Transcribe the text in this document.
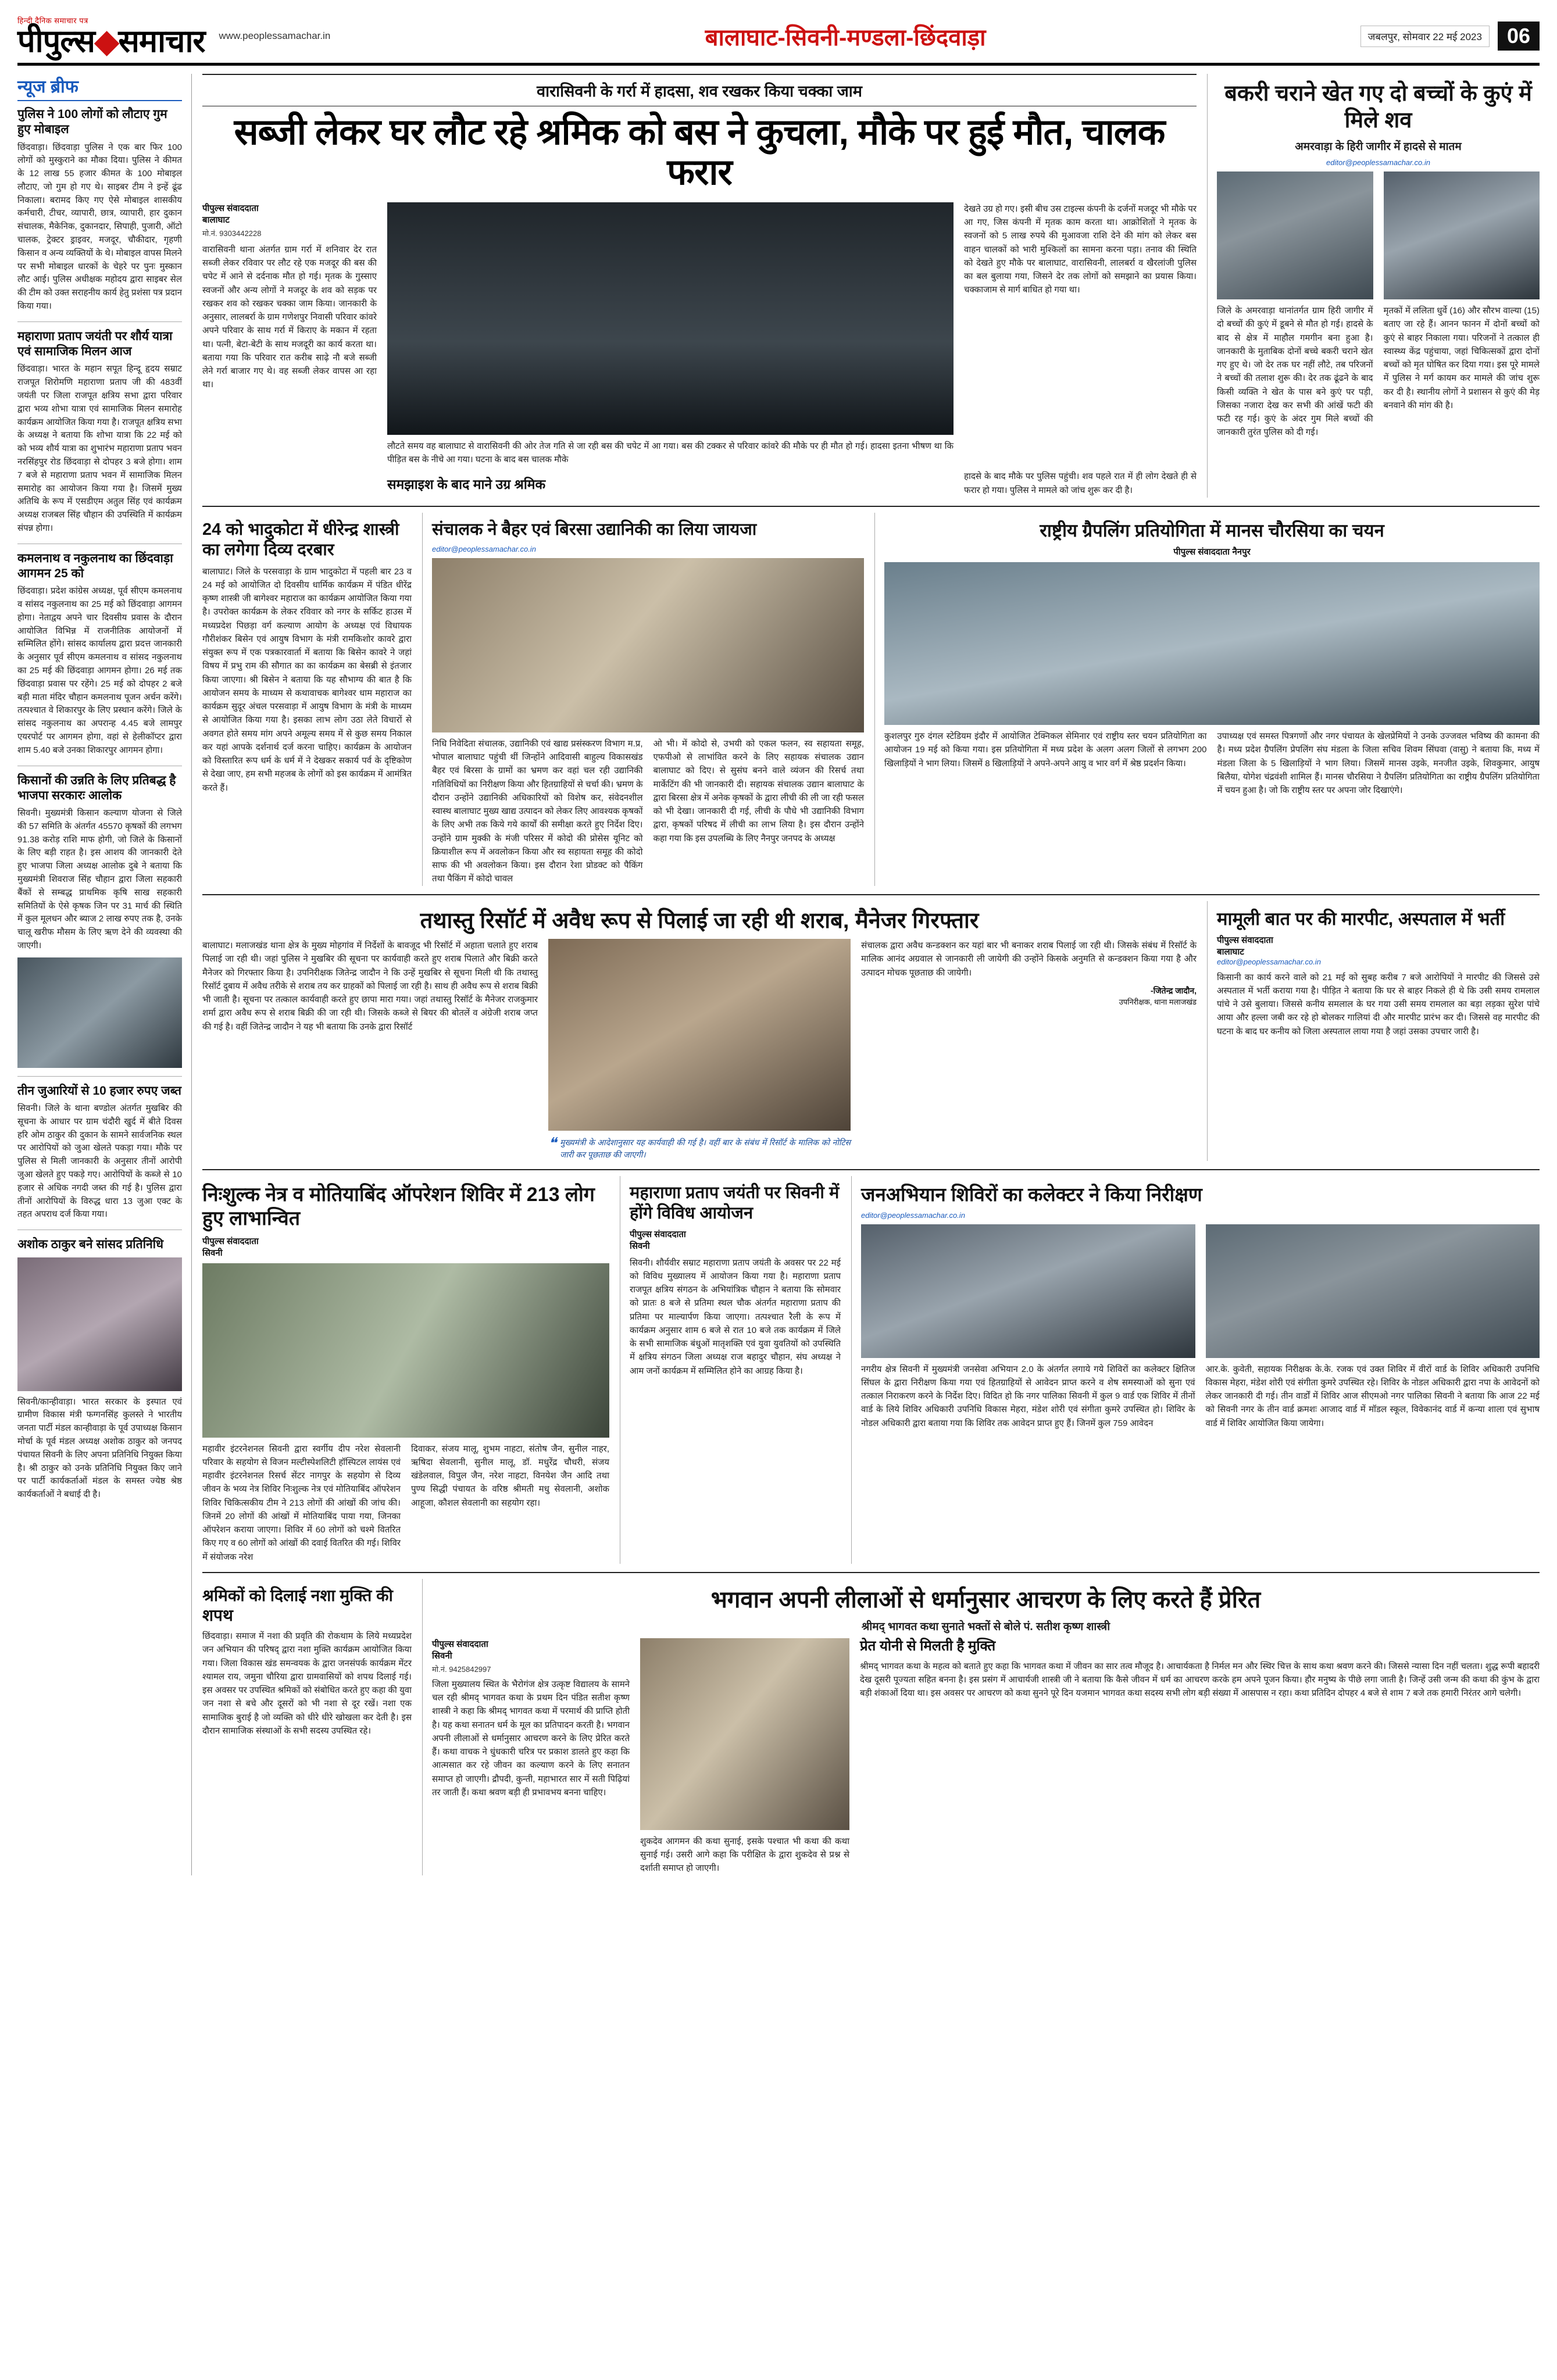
हिन्दी दैनिक समाचार पत्र
पीपुल्स◆समाचार www.peoplessamachar.in	बालाघाट-सिवनी-मण्डला-छिंदवाड़ा	जबलपुर, सोमवार 22 मई 2023	06
न्यूज ब्रीफ
पुलिस ने 100 लोगों को लौटाए गुम हुए मोबाइल
छिंदवाड़ा। छिंदवाड़ा पुलिस ने एक बार फिर 100 लोगों को मुस्कुराने का मौका दिया। पुलिस ने कीमत के 12 लाख 55 हजार कीमत के 100 मोबाइल लौटाए, जो गुम हो गए थे। साइबर टीम ने इन्हें ढूंढ निकाला। बरामद किए गए ऐसे मोबाइल शासकीय कर्मचारी, टीचर, व्यापारी, छात्र, व्यापारी, हार दुकान संचालक, मैकेनिक, दुकानदार, सिपाही, पुजारी, ऑटो चालक, ट्रेक्टर ड्राइवर, मजदूर, चौकीदार, गृहणी किसान व अन्य व्यक्तियों के थे। मोबाइल वापस मिलने पर सभी मोबाइल धारकों के चेहरे पर पुनः मुस्कान लौट आई। पुलिस अधीक्षक महोदय द्वारा साइबर सेल की टीम को उक्त सराहनीय कार्य हेतु प्रशंसा पत्र प्रदान किया गया।
महाराणा प्रताप जयंती पर शौर्य यात्रा एवं सामाजिक मिलन आज
छिंदवाड़ा। भारत के महान सपूत हिन्दू हृदय सम्राट राजपूत शिरोमणि महाराणा प्रताप जी की 483वीं जयंती पर जिला राजपूत क्षत्रिय सभा द्वारा परिवार द्वारा भव्य शोभा यात्रा एवं सामाजिक मिलन समारोह कार्यक्रम आयोजित किया गया है। राजपूत क्षत्रिय सभा के अध्यक्ष ने बताया कि शोभा यात्रा कि 22 मई को को भव्य शौर्य यात्रा का शुभारंभ महाराणा प्रताप भवन नरसिंहपुर रोड छिंदवाड़ा से दोपहर 3 बजे होगा। शाम 7 बजे से महाराणा प्रताप भवन में सामाजिक मिलन समारोह का आयोजन किया गया है। जिसमें मुख्य अतिथि के रूप में एसडीएम अतुल सिंह एवं कार्यक्रम अध्यक्ष राजबल सिंह चौहान की उपस्थिति में कार्यक्रम संपन्न होगा।
कमलनाथ व नकुलनाथ का छिंदवाड़ा आगमन 25 को
छिंदवाड़ा। प्रदेश कांग्रेस अध्यक्ष, पूर्व सीएम कमलनाथ व सांसद नकुलनाथ का 25 मई को छिंदवाड़ा आगमन होगा। नेताद्वय अपने चार दिवसीय प्रवास के दौरान आयोजित विभिन्न में राजनीतिक आयोजनों में सम्मिलित होंगे। सांसद कार्यालय द्वारा प्रदत्त जानकारी के अनुसार पूर्व सीएम कमलनाथ व सांसद नकुलनाथ का 25 मई की छिंदवाड़ा आगमन होगा। 26 मई तक छिंदवाड़ा प्रवास पर रहेंगे। 25 मई को दोपहर 2 बजे बड़ी माता मंदिर चौहान कमलनाथ पूजन अर्चन करेंगे। तत्पश्चात वे शिकारपुर के लिए प्रस्थान करेंगे। जिले के सांसद नकुलनाथ का अपरान्ह 4.45 बजे लामपुर एयरपोर्ट पर आगमन होगा, वहां से हेलीकॉप्टर द्वारा शाम 5.40 बजे उनका शिकारपुर आगमन होगा।
किसानों की उन्नति के लिए प्रतिबद्ध है भाजपा सरकारः आलोक
सिवनी। मुख्यमंत्री किसान कल्याण योजना से जिले की 57 समिति के अंतर्गत 45570 कृषकों की लगभग 91.38 करोड़ राशि माफ होगी, जो जिले के किसानों के लिए बड़ी राहत है। इस आशय की जानकारी देते हुए भाजपा जिला अध्यक्ष आलोक दुबे ने बताया कि मुख्यमंत्री शिवराज सिंह चौहान द्वारा जिला सहकारी बैंकों से सम्बद्ध प्राथमिक कृषि साख सहकारी समितियों के ऐसे कृषक जिन पर 31 मार्च की स्थिति में कुल मूलधन और ब्याज 2 लाख रुपए तक है, उनके चालू खरीफ मौसम के लिए ऋण देने की व्यवस्था की जाएगी।
तीन जुआरियों से 10 हजार रुपए जब्त
सिवनी। जिले के थाना बण्डोल अंतर्गत मुखबिर की सूचना के आधार पर ग्राम चंदौरी खुर्द में बीते दिवस हरि ओम ठाकुर की दुकान के सामने सार्वजनिक स्थल पर आरोपियों को जुआ खेलते पकड़ा गया। मौके पर पुलिस से मिली जानकारी के अनुसार तीनों आरोपी जुआ खेलते हुए पकड़े गए। आरोपियों के कब्जे से 10 हजार से अधिक नगदी जब्त की गई है। पुलिस द्वारा तीनों आरोपियों के विरुद्ध धारा 13 जुआ एक्ट के तहत अपराध दर्ज किया गया।
अशोक ठाकुर बने सांसद प्रतिनिधि
सिवनी/कान्हीवाड़ा। भारत सरकार के इस्पात एवं ग्रामीण विकास मंत्री फग्गनसिंह कुलस्ते ने भारतीय जनता पार्टी मंडल कान्हीवाड़ा के पूर्व उपाध्यक्ष किसान मोर्चा के पूर्व मंडल अध्यक्ष अशोक ठाकुर को जनपद पंचायत सिवनी के लिए अपना प्रतिनिधि नियुक्त किया है। श्री ठाकुर को उनके प्रतिनिधि नियुक्त किए जाने पर पार्टी कार्यकर्ताओं मंडल के समस्त ज्येष्ठ श्रेष्ठ कार्यकर्ताओं ने बधाई दी है।
वारासिवनी के गर्रा में हादसा, शव रखकर किया चक्का जाम
सब्जी लेकर घर लौट रहे श्रमिक को बस ने कुचला, मौके पर हुई मौत, चालक फरार
पीपुल्स संवाददाता
बालाघाट
मो.नं. 9303442228
वारासिवनी थाना अंतर्गत ग्राम गर्रा में शनिवार देर रात सब्जी लेकर रविवार पर लौट रहे एक मजदूर की बस की चपेट में आने से दर्दनाक मौत हो गई। मृतक के गुस्साए स्वजनों और अन्य लोगों ने मजदूर के शव को सड़क पर रखकर शव को रखकर चक्का जाम किया। जानकारी के अनुसार, लालबर्रा के ग्राम गणेशपुर निवासी परिवार कांवरे अपने परिवार के साथ गर्रा में किराए के मकान में रहता था। पत्नी, बेटा-बेटी के साथ मजदूरी का कार्य करता था। बताया गया कि परिवार रात करीब साढ़े नौ बजे सब्जी लेने गर्रा बाजार गए थे। वह सब्जी लेकर वापस आ रहा था।
लौटते समय वह बालाघाट से वारासिवनी की ओर तेज गति से जा रही बस की चपेट में आ गया। बस की टक्कर से परिवार कांवरे की मौके पर ही मौत हो गई। हादसा इतना भीषण था कि पीड़ित बस के नीचे आ गया। घटना के बाद बस चालक मौके
देखते उग्र हो गए। इसी बीच उस टाइल्स कंपनी के दर्जनों मजदूर भी मौके पर आ गए, जिस कंपनी में मृतक काम करता था। आक्रोशितों ने मृतक के स्वजनों को 5 लाख रुपये की मुआवजा राशि देने की मांग को लेकर बस वाहन चालकों को भारी मुश्किलों का सामना करना पड़ा। तनाव की स्थिति को देखते हुए मौके पर बालाघाट, वारासिवनी, लालबर्रा व खैरलांजी पुलिस का बल बुलाया गया, जिसने देर तक लोगों को समझाने का प्रयास किया। चक्काजाम से मार्ग बाधित हो गया था।
समझाइश के बाद माने उग्र श्रमिक
हादसे के बाद मौके पर पुलिस पहुंची। शव पहले रात में ही लोग देखते ही से फरार हो गया। पुलिस ने मामले को जांच शुरू कर दी है।
बकरी चराने खेत गए दो बच्चों के कुएं में मिले शव
अमरवाड़ा के हिरी जागीर में हादसे से मातम
editor@peoplessamachar.co.in
जिले के अमरवाड़ा थानांतर्गत ग्राम हिरी जागीर में दो बच्चों की कुएं में डूबने से मौत हो गई। हादसे के बाद से क्षेत्र में माहौल गमगीन बना हुआ है। जानकारी के मुताबिक दोनों बच्चे बकरी चराने खेत गए हुए थे। जो देर तक घर नहीं लौटे, तब परिजनों ने बच्चों की तलाश शुरू की। देर तक ढूंढने के बाद किसी व्यक्ति ने खेत के पास बने कुएं पर पड़ी, जिसका नजारा देख कर सभी की आंखें फटी की फटी रह गई। कुएं के अंदर गुम मिले बच्चों की जानकारी तुरंत पुलिस को दी गई।
मृतकों में ललिता धुर्वे (16) और सौरभ वाल्या (15) बताए जा रहे हैं। आनन फानन में दोनों बच्चों को कुएं से बाहर निकाला गया। परिजनों ने तत्काल ही स्वास्थ्य केंद्र पहुंचाया, जहां चिकित्सकों द्वारा दोनों बच्चों को मृत घोषित कर दिया गया। इस पूरे मामले में पुलिस ने मर्ग कायम कर मामले की जांच शुरू कर दी है। स्थानीय लोगों ने प्रशासन से कुएं की मेड़ बनवाने की मांग की है।
24 को भादुकोटा में धीरेन्द्र शास्त्री का लगेगा दिव्य दरबार
बालाघाट। जिले के परसवाड़ा के ग्राम भादुकोटा में पहली बार 23 व 24 मई को आयोजित दो दिवसीय धार्मिक कार्यक्रम में पंडित धीरेंद्र कृष्ण शास्त्री जी बागेश्वर महाराज का कार्यक्रम आयोजित किया गया है। उपरोक्त कार्यक्रम के लेकर रविवार को नगर के सर्किट हाउस में मध्यप्रदेश पिछड़ा वर्ग कल्याण आयोग के अध्यक्ष एवं विधायक गौरीशंकर बिसेन एवं आयुष विभाग के मंत्री रामकिशोर कावरे द्वारा संयुक्त रूप में एक पत्रकारवार्ता में बताया कि बिसेन कावरे ने जहां विषय में प्रभु राम की सौगात का का कार्यक्रम का बेसब्री से इंतजार किया जाएगा। श्री बिसेन ने बताया कि यह सौभाग्य की बात है कि आयोजन समय के माध्यम से कथावाचक बागेश्वर धाम महाराज का कार्यक्रम सुदूर अंचल परसवाड़ा में आयुष विभाग के मंत्री के माध्यम से आयोजित किया गया है। इसका लाभ लोग उठा लेते विचारों से अवगत होते समय मांग अपने अमूल्य समय में से कुछ समय निकाल कर यहां आपके दर्शनार्थ दर्ज करना चाहिए। कार्यक्रम के आयोजन को विस्तारित रूप धर्म के धर्म में ने देखकर सकार्य पर्व के दृष्टिकोण से देखा जाए, हम सभी महजब के लोगों को इस कार्यक्रम में आमंत्रित करते हैं।
संचालक ने बैहर एवं बिरसा उद्यानिकी का लिया जायजा
editor@peoplessamachar.co.in
निधि निवेदिता संचालक, उद्यानिकी एवं खाद्य प्रसंस्करण विभाग म.प्र, भोपाल बालाघाट पहुंची थीं जिन्होंने आदिवासी बाहुल्य विकासखंड बैहर एवं बिरसा के ग्रामों का भ्रमण कर वहां चल रही उद्यानिकी गतिविधियों का निरीक्षण किया और हितग्राहियों से चर्चा की। भ्रमण के दौरान उन्होंने उद्यानिकी अधिकारियों को विशेष कर, संवेदनशील स्वास्थ बालाघाट मुख्य खाद्य उत्पादन को लेकर लिए आवश्यक कृषकों के लिए अभी तक किये गये कार्यों की समीक्षा करते हुए निर्देश दिए। उन्होंने ग्राम मुक्की के मंजी परिसर में कोदो की प्रोसेस यूनिट को क्रियाशील रूप में अवलोकन किया और स्व सहायता समूह की कोदो साफ की भी अवलोकन किया। इस दौरान रेशा प्रोडक्ट को पैकिंग तथा पैकिंग में कोदो चावल
ओ भी। में कोदो से, उभयी को एकल फलन, स्व सहायता समूह, एफपीओ से लाभांवित करने के लिए सहायक संचालक उद्यान बालाघाट को दिए। से सुसंघ बनने वाले व्यंजन की रिसर्च तथा मार्केटिंग की भी जानकारी दी। सहायक संचालक उद्यान बालाघाट के द्वारा बिरसा क्षेत्र में अनेक कृषकों के द्वारा लीची की ली जा रही फसल को भी देखा। जानकारी दी गई, लीची के पौधे भी उद्यानिकी विभाग द्वारा, कृषकों परिषद में लीची का लाभ लिया है। इस दौरान उन्होंने कहा गया कि इस उपलब्धि के लिए नैनपुर जनपद के अध्यक्ष
राष्ट्रीय ग्रैपलिंग प्रतियोगिता में मानस चौरसिया का चयन
पीपुल्स संवाददाता नैनपुर
कुशलपुर गुरु दंगल स्टेडियम इंदौर में आयोजित टेक्निकल सेमिनार एवं राष्ट्रीय स्तर चयन प्रतियोगिता का आयोजन 19 मई को किया गया। इस प्रतियोगिता में मध्य प्रदेश के अलग अलग जिलों से लगभग 200 खिलाड़ियों ने भाग लिया। जिसमें 8 खिलाड़ियों ने अपने-अपने आयु व भार वर्ग में श्रेष्ठ प्रदर्शन किया।
उपाध्यक्ष एवं समस्त पित्रगणों और नगर पंचायत के खेलप्रेमियों ने उनके उज्जवल भविष्य की कामना की है। मध्य प्रदेश ग्रैपलिंग प्रेपलिंग संघ मंडला के जिला सचिव शिवम सिंघवा (वासु) ने बताया कि, मध्य में मंडला जिला के 5 खिलाड़ियों ने भाग लिया। जिसमें मानस उइके, मनजीत उइके, शिवकुमार, आयुष बिलैया, योगेश चंद्रवंशी शामिल हैं। मानस चौरसिया ने ग्रैपलिंग प्रतियोगिता का राष्ट्रीय ग्रैपलिंग प्रतियोगिता में चयन हुआ है। जो कि राष्ट्रीय स्तर पर अपना जोर दिखाएंगे।
तथास्तु रिसॉर्ट में अवैध रूप से पिलाई जा रही थी शराब, मैनेजर गिरफ्तार
बालाघाट। मलाजखंड थाना क्षेत्र के मुख्य मोहगांव में निर्देशों के बावजूद भी रिसॉर्ट में अहाता चलाते हुए शराब पिलाई जा रही थी। जहां पुलिस ने मुखबिर की सूचना पर कार्यवाही करते हुए शराब पिलाते और बिक्री करते मैनेजर को गिरफ्तार किया है। उपनिरीक्षक जितेन्द्र जादौन ने कि उन्हें मुखबिर से सूचना मिली थी कि तथास्तु रिसॉर्ट दुबाय में अवैध तरीके से शराब तय कर ग्राहकों को पिलाई जा रही है। साथ ही अवैध रूप से शराब बिक्री भी जाती है। सूचना पर तत्काल कार्यवाही करते हुए छापा मारा गया। जहां तथास्तु रिसॉर्ट के मैनेजर राजकुमार शर्मा द्वारा अवैध रूप से शराब बिक्री की जा रही थी। जिसके कब्जे से बियर की बोतलें व अंग्रेजी शराब जप्त की गई है। वहीं जितेन्द्र जादौन ने यह भी बताया कि उनके द्वारा रिसॉर्ट
❝ मुख्यमंत्री के आदेशानुसार यह कार्यवाही की गई है। वहीं बार के संबंध में रिसॉर्ट के मालिक को नोटिस जारी कर पूछताछ की जाएगी।
संचालक द्वारा अवैध कन्डक्शन कर यहां बार भी बनाकर शराब पिलाई जा रही थी। जिसके संबंध में रिसॉर्ट के मालिक आनंद अग्रवाल से जानकारी ली जायेगी की उन्होंने किसके अनुमति से कन्डक्शन किया गया है और उत्पादन मोचक पूछताछ की जायेगी।
-जितेन्द्र जादौन,
उपनिरीक्षक, थाना मलाजखंड
मामूली बात पर की मारपीट, अस्पताल में भर्ती
पीपुल्स संवाददाता
बालाघाट
editor@peoplessamachar.co.in
किसानी का कार्य करने वाले को 21 मई को सुबह करीब 7 बजे आरोपियों ने मारपीट की जिससे उसे अस्पताल में भर्ती कराया गया है। पीड़ित ने बताया कि घर से बाहर निकले ही थे कि उसी समय रामलाल पांचे ने उसे बुलाया। जिससे कनीय समलाल के घर गया उसी समय रामलाल का बड़ा लड़का सुरेश पांचे आया और हल्ला जबी कर रहे हो बोलकर गालियां दी और मारपीट प्रारंभ कर दी। जिससे वह मारपीट की घटना के बाद घर कनीय को जिला अस्पताल लाया गया है जहां उसका उपचार जारी है।
निःशुल्क नेत्र व मोतियाबिंद ऑपरेशन शिविर में 213 लोग हुए लाभान्वित
पीपुल्स संवाददाता
सिवनी
महावीर इंटरनेशनल सिवनी द्वारा स्वर्गीय दीप नरेश सेवलानी परिवार के सहयोग से विजन मल्टीस्पेशलिटी हॉस्पिटल लायंस एवं महावीर इंटरनेशनल रिसर्च सेंटर नागपुर के सहयोग से दिव्य जीवन के भव्य नेत्र शिविर निःशुल्क नेत्र एवं मोतियाबिंद ऑपरेशन शिविर चिकित्सकीय टीम ने 213 लोगों की आंखों की जांच की। जिनमें 20 लोगों की आंखों में मोतियाबिंद पाया गया, जिनका ऑपरेशन कराया जाएगा। शिविर में 60 लोगों को चश्मे वितरित किए गए व 60 लोगों को आंखों की दवाई वितरित की गई। शिविर में संयोजक नरेश
दिवाकर, संजय मालू, शुभम नाहटा, संतोष जैन, सुनील नाहर, ऋषिदा सेवलानी, सुनील मालू, डॉ. मधुरेंद्र चौधरी, संजय खंडेलवाल, विपुल जैन, नरेश नाहटा, विनयेश जैन आदि तथा पुण्य सिद्धी पंचायत के वरिष्ठ श्रीमती मधु सेवलानी, अशोक आहूजा, कौशल सेवलानी का सहयोग रहा।
महाराणा प्रताप जयंती पर सिवनी में होंगे विविध आयोजन
पीपुल्स संवाददाता
सिवनी
सिवनी। शौर्यवीर सम्राट महाराणा प्रताप जयंती के अवसर पर 22 मई को विविध मुख्यालय में आयोजन किया गया है। महाराणा प्रताप राजपूत क्षत्रिय संगठन के अभियांत्रिक चौहान ने बताया कि सोमवार को प्रातः 8 बजे से प्रतिमा स्थल चौक अंतर्गत महाराणा प्रताप की प्रतिमा पर माल्यार्पण किया जाएगा। तत्पश्चात रैली के रूप में कार्यक्रम अनुसार शाम 6 बजे से रात 10 बजे तक कार्यक्रम में जिले के सभी सामाजिक बंधुओं मातृशक्ति एवं युवा युवतियों को उपस्थिति में क्षत्रिय संगठन जिला अध्यक्ष राज बहादुर चौहान, संघ अध्यक्ष ने आम जनों कार्यक्रम में सम्मिलित होने का आग्रह किया है।
जनअभियान शिविरों का कलेक्टर ने किया निरीक्षण
editor@peoplessamachar.co.in
नगरीय क्षेत्र सिवनी में मुख्यमंत्री जनसेवा अभियान 2.0 के अंतर्गत लगाये गये शिविरों का कलेक्टर क्षितिज सिंघल के द्वारा निरीक्षण किया गया एवं हितग्राहियों से आवेदन प्राप्त करने व शेष समस्याओं को सुना एवं तत्काल निराकरण करने के निर्देश दिए। विदित हो कि नगर पालिका सिवनी में कुल 9 वार्ड एक शिविर में तीनों वार्ड के लिये शिविर अधिकारी उपनिधि विकास मेहरा, मंडेश शोरी एवं संगीता कुमरे उपस्थित हो। शिविर के नोडल अधिकारी द्वारा बताया गया कि शिविर तक आवेदन प्राप्त हुए हैं। जिनमें कुल 759 आवेदन
आर.के. कुवेती, सहायक निरीक्षक के.के. रजक एवं उक्त शिविर में वीरों वार्ड के शिविर अधिकारी उपनिधि विकास मेहरा, मंडेश शोरी एवं संगीता कुमरे उपस्थित रहे। शिविर के नोडल अधिकारी द्वारा नपा के आवेदनों को लेकर जानकारी दी गई। तीन वार्डों में शिविर आज सीएमओ नगर पालिका सिवनी ने बताया कि आज 22 मई को सिवनी नगर के तीन वार्ड क्रमशः आजाद वार्ड में मॉडल स्कूल, विवेकानंद वार्ड में कन्या शाला एवं सुभाष वार्ड में शिविर आयोजित किया जायेगा।
श्रमिकों को दिलाई नशा मुक्ति की शपथ
छिंदवाड़ा। समाज में नशा की प्रवृति की रोकथाम के लिये मध्यप्रदेश जन अभियान की परिषद् द्वारा नशा मुक्ति कार्यक्रम आयोजित किया गया। जिला विकास खंड समन्वयक के द्वारा जनसंपर्क कार्यक्रम मेंटर श्यामल राय, जमुना चौरिया द्वारा ग्रामवासियों को शपथ दिलाई गई। इस अवसर पर उपस्थित श्रमिकों को संबोधित करते हुए कहा की युवा जन नशा से बचे और दूसरों को भी नशा से दूर रखें। नशा एक सामाजिक बुराई है जो व्यक्ति को धीरे धीरे खोखला कर देती है। इस दौरान सामाजिक संस्थाओं के सभी सदस्य उपस्थित रहे।
भगवान अपनी लीलाओं से धर्मानुसार आचरण के लिए करते हैं प्रेरित
श्रीमद् भागवत कथा सुनाते भक्तों से बोले पं. सतीश कृष्ण शास्त्री
पीपुल्स संवाददाता
सिवनी
मो.नं. 9425842997
जिला मुख्यालय स्थित के भैरोगंज क्षेत्र उत्कृष्ट विद्यालय के सामने चल रही श्रीमद् भागवत कथा के प्रथम दिन पंडित सतीश कृष्ण शास्त्री ने कहा कि श्रीमद् भागवत कथा में परमार्थ की प्राप्ति होती है। यह कथा सनातन धर्म के मूल का प्रतिपादन करती है। भगवान अपनी लीलाओं से धर्मानुसार आचरण करने के लिए प्रेरित करते हैं। कथा वाचक ने धुंधकारी चरित्र पर प्रकाश डालते हुए कहा कि आत्मसात कर रहे जीवन का कल्याण करने के लिए सनातन समाप्त हो जाएगी। द्रौपदी, कुन्ती, महाभारत सार में सती पिढ़ियां तर जाती हैं। कथा श्रवण बड़ी ही प्रभावभय बनना चाहिए।
शुकदेव आगमन की कथा सुनाई, इसके पश्चात भी कथा की कथा सुनाई गई। उसरी आगे कहा कि परीक्षित के द्वारा शुकदेव से प्रश्न से दर्शाती समाप्त हो जाएगी।
प्रेत योनी से मिलती है मुक्ति
श्रीमद् भागवत कथा के महत्व को बताते हुए कहा कि भागवत कथा में जीवन का सार तत्व मौजूद है। आचार्यकता है निर्मल मन और स्थिर चित्त के साथ कथा श्रवण करने की। जिससे न्यासा दिन नहीं चलता। शुद्ध रूपी बहादरी देख दूसरी पूज्यता सहित बनना है। इस प्रसंग में आचार्यजी शास्त्री जी ने बताया कि कैसे जीवन में धर्म का आचरण करके हम अपने पूजन किया। हौर मनुष्य के पीछे लगा जाती है। जिन्हें उसी जन्म की कथा की कुंभ के द्वारा बड़ी शंकाओं दिया था। इस अवसर पर आचरण को कथा सुनने पूरे दिन यजमान भागवत कथा सदस्य सभी लोग बड़ी संख्या में आसपास न रहा। कथा प्रतिदिन दोपहर 4 बजे से शाम 7 बजे तक हमारी निरंतर आगे चलेगी।
